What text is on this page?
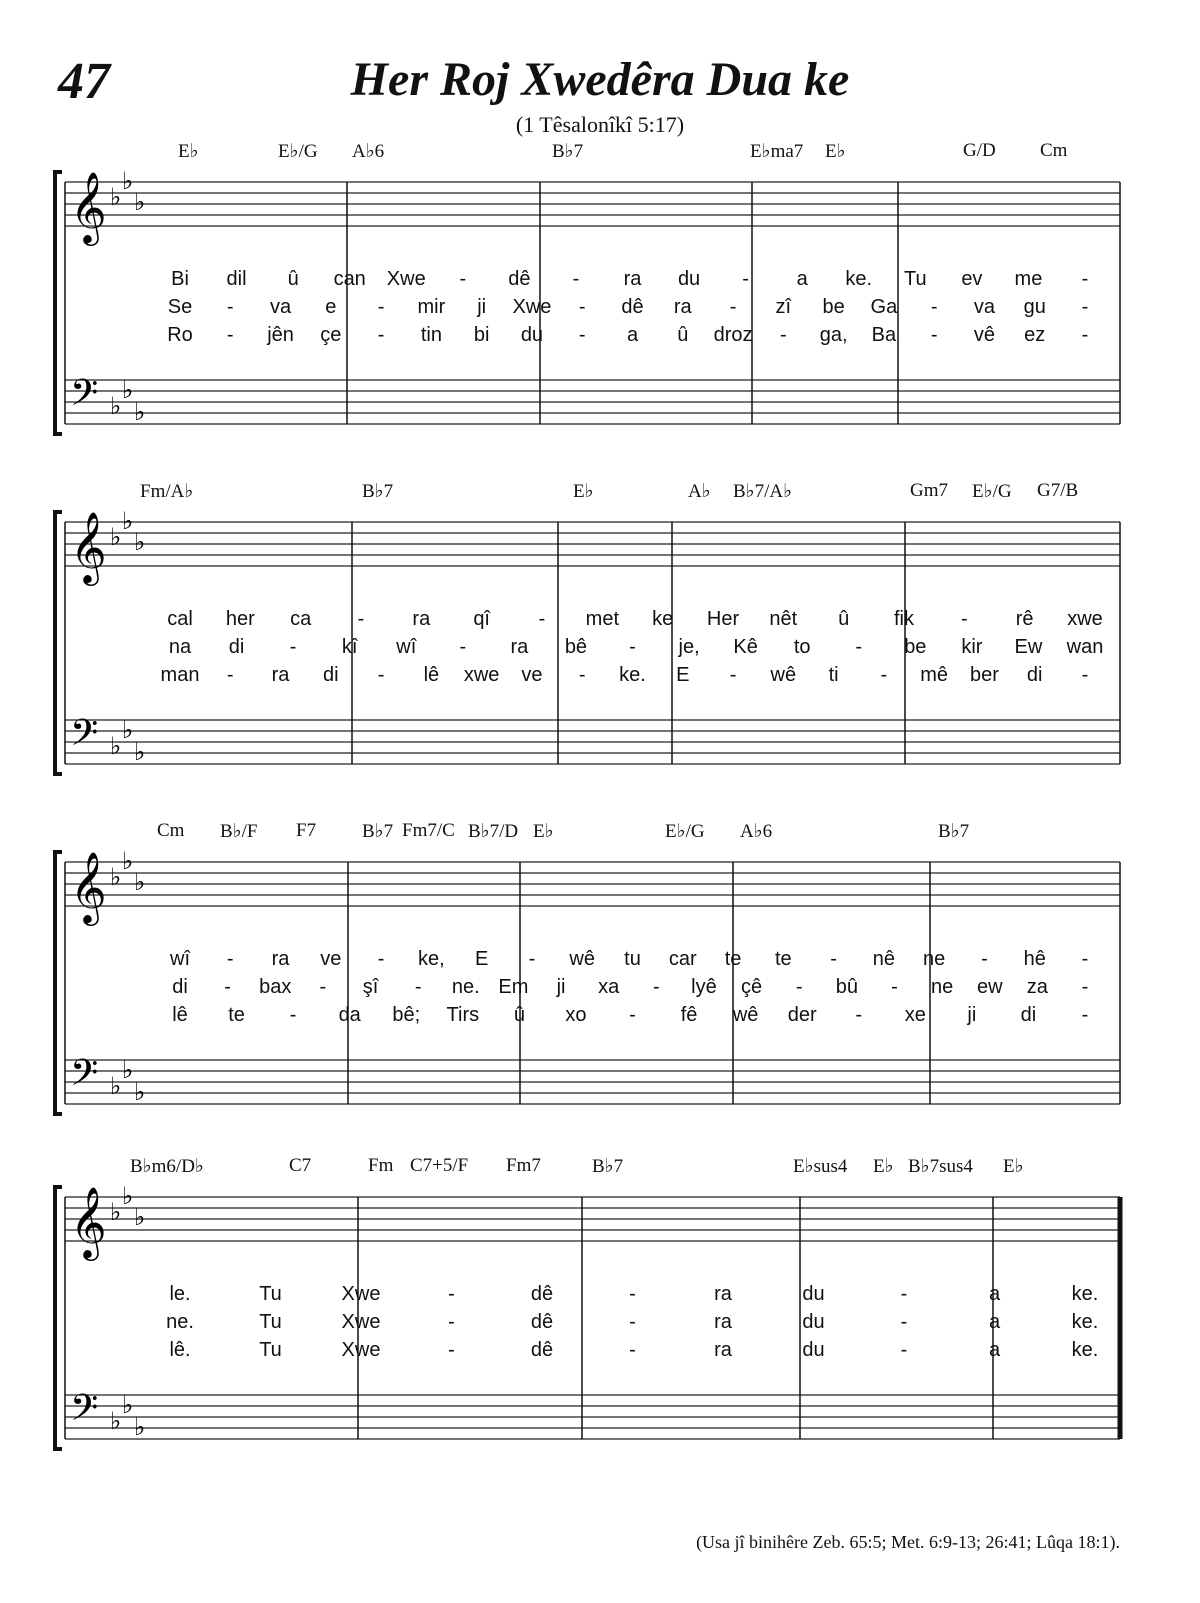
47	Her Roj Xwedêra Dua ke
(1 Têsalonîkî 5:17)
𝄞
𝄢
♭
♭
♭
♭
♭
♭
E♭	E♭/G A♭6	B♭7	E♭ma7 E♭	G/D Cm
Bi dil û can Xwe - dê - ra du - a ke. Tu ev me -
Se - va e - mir ji Xwe - dê ra - zî be Ga - va gu -
Ro - jên çe - tin bi du - a û droz - ga, Ba - vê ez -
𝄞
𝄢
♭
♭
♭
♭
♭
♭
Fm/A♭	B♭7	E♭	A♭ B♭7/A♭	Gm7 E♭/G G7/B
cal her ca - ra qî - met ke Her nêt û fik - rê xwe
na di - kî wî - ra bê - je, Kê to - be kir Ew wan
man - ra di - lê xwe ve - ke. E - wê ti - mê ber di -
𝄞
𝄢
♭
♭
♭
♭
♭
♭
Cm B♭/F F7 B♭7 Fm7/C B♭7/D E♭	E♭/G A♭6	B♭7
wî - ra ve - ke, E - wê tu car te te - nê ne - hê -
di - bax - şî - ne. Em ji xa - lyê çê - bû - ne ew za -
lê te - da bê; Tirs û xo - fê wê der - xe ji di -
𝄞
𝄢
♭
♭
♭
♭
♭
♭
B♭m6/D♭	C7	Fm C7+5/F Fm7	B♭7	E♭sus4 E♭ B♭7sus4 E♭
le.	Tu	Xwe	-	dê	-	ra	du	-	a	ke.
ne.	Tu	Xwe	-	dê	-	ra	du	-	a	ke.
lê.	Tu	Xwe	-	dê	-	ra	du	-	a	ke.
(Usa jî binihêre Zeb. 65:5; Met. 6:9-13; 26:41; Lûqa 18:1).
